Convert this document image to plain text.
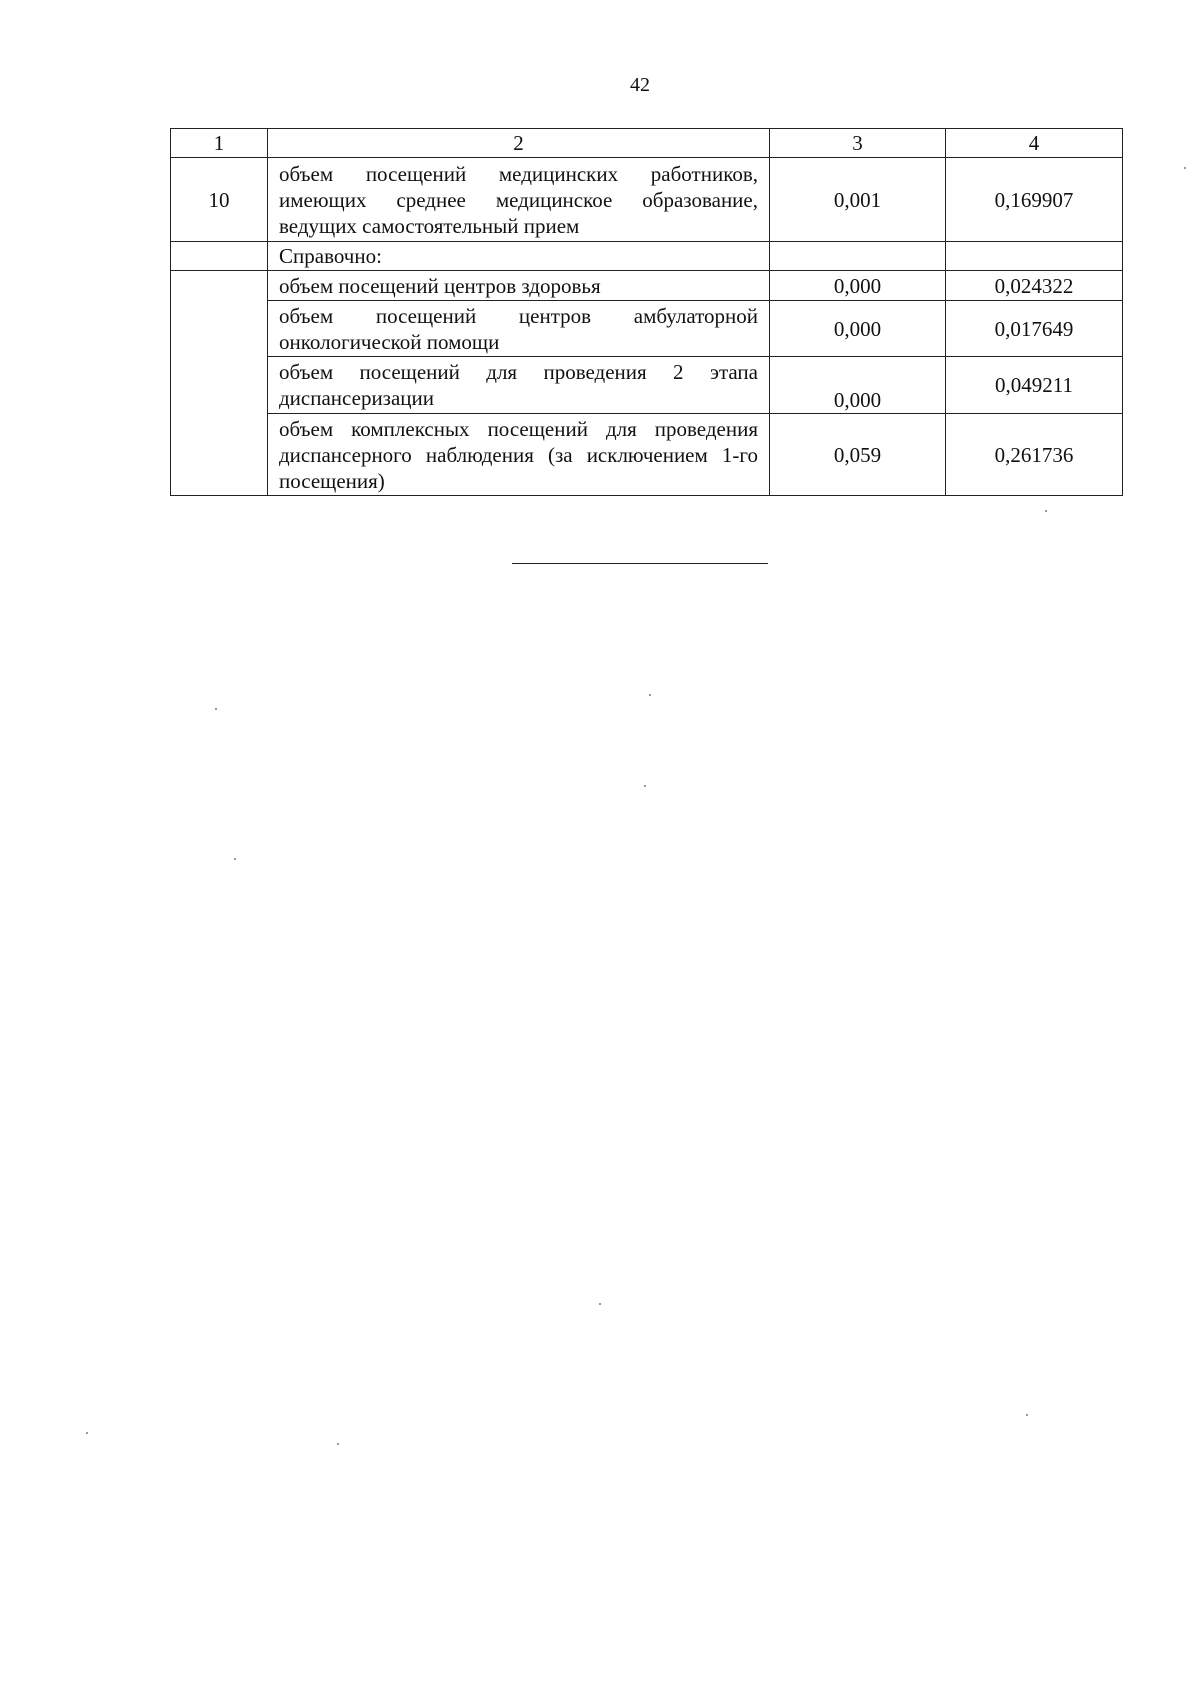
42
1	2	3	4
10	объем посещений медицинских работников, имеющих среднее медицинское образование, ведущих самостоятельный прием	0,001	0,169907
	Справочно:		
	объем посещений центров здоровья	0,000	0,024322
	объем посещений центров амбулаторной онкологической помощи	0,000	0,017649
	объем посещений для проведения 2 этапа диспансеризации	0,000	0,049211
	объем комплексных посещений для проведения диспансерного наблюдения (за исключением 1-го посещения)	0,059	0,261736
